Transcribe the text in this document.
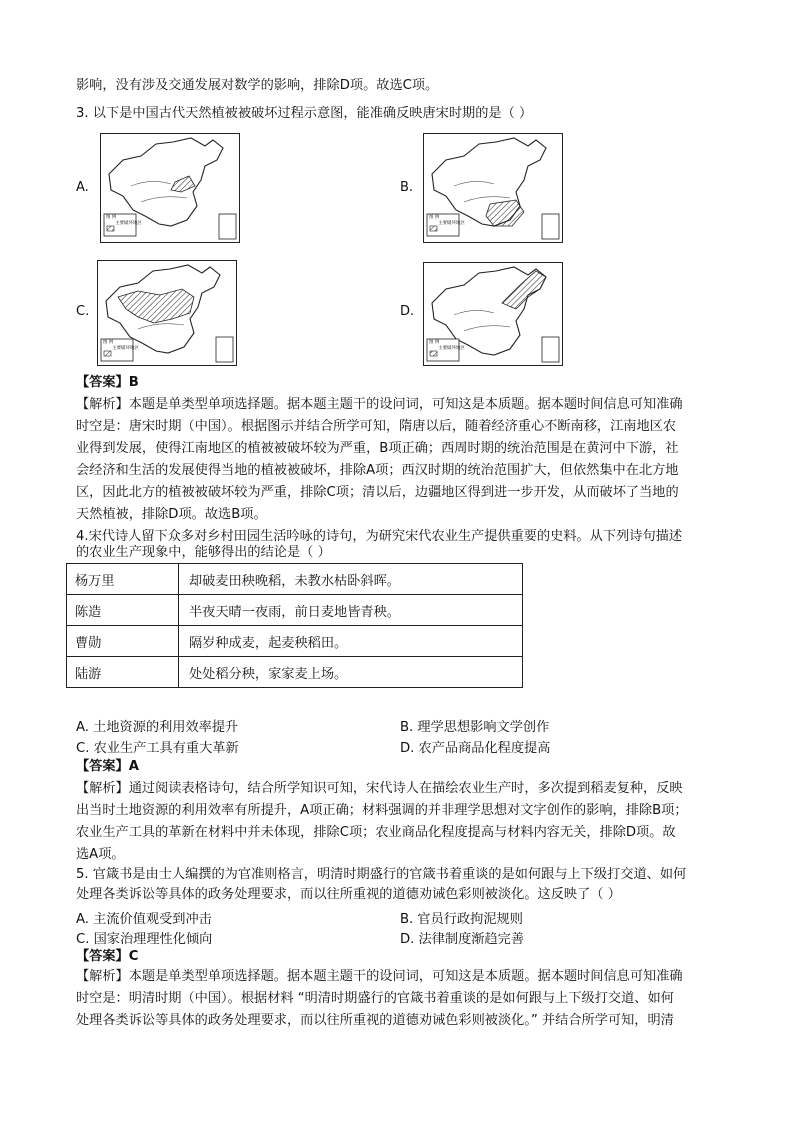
影响，没有涉及交通发展对数学的影响，排除D项。故选C项。
3. 以下是中国古代天然植被被破坏过程示意图，能准确反映唐宋时期的是（ ）
A.	B.
C.	D.
图 例
主要破坏地区
图 例
主要破坏地区
图 例
主要破坏地区
图 例
主要破坏地区
【答案】B
【解析】本题是单类型单项选择题。据本题主题干的设问词，可知这是本质题。据本题时间信息可知准确
时空是：唐宋时期（中国）。根据图示并结合所学可知，隋唐以后，随着经济重心不断南移，江南地区农
业得到发展，使得江南地区的植被被破坏较为严重，B项正确；西周时期的统治范围是在黄河中下游，社
会经济和生活的发展使得当地的植被被破坏，排除A项；西汉时期的统治范围扩大，但依然集中在北方地
区，因此北方的植被被破坏较为严重，排除C项；清以后，边疆地区得到进一步开发，从而破坏了当地的
天然植被，排除D项。故选B项。
4.宋代诗人留下众多对乡村田园生活吟咏的诗句，为研究宋代农业生产提供重要的史料。从下列诗句描述
的农业生产现象中，能够得出的结论是（ ）
杨万里	却破麦田秧晚稻，未教水枯卧斜晖。
陈造	半夜天晴一夜雨，前日麦地皆青秧。
曹勋	隔岁种成麦，起麦秧稻田。
陆游	处处稻分秧，家家麦上场。
A. 土地资源的利用效率提升	B. 理学思想影响文学创作
C. 农业生产工具有重大革新	D. 农产品商品化程度提高
【答案】A
【解析】通过阅读表格诗句，结合所学知识可知，宋代诗人在描绘农业生产时，多次提到稻麦复种，反映
出当时土地资源的利用效率有所提升，A项正确；材料强调的并非理学思想对文字创作的影响，排除B项；
农业生产工具的革新在材料中并未体现，排除C项；农业商品化程度提高与材料内容无关，排除D项。故
选A项。
5. 官箴书是由士人编撰的为官准则格言，明清时期盛行的官箴书着重谈的是如何跟与上下级打交道、如何
处理各类诉讼等具体的政务处理要求，而以往所重视的道德劝诫色彩则被淡化。这反映了（ ）
A. 主流价值观受到冲击	B. 官员行政拘泥规则
C. 国家治理理性化倾向	D. 法律制度渐趋完善
【答案】C
【解析】本题是单类型单项选择题。据本题主题干的设问词，可知这是本质题。据本题时间信息可知准确
时空是：明清时期（中国）。根据材料 “明清时期盛行的官箴书着重谈的是如何跟与上下级打交道、如何
处理各类诉讼等具体的政务处理要求，而以往所重视的道德劝诫色彩则被淡化。” 并结合所学可知，明清
